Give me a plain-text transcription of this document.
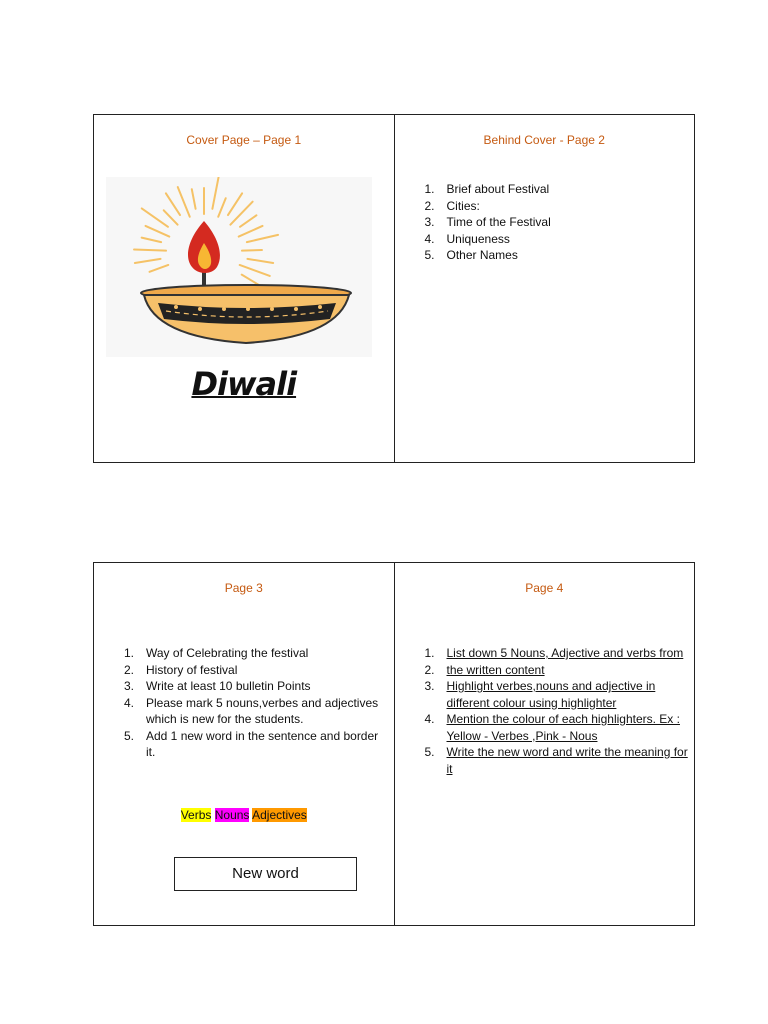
Cover Page – Page 1
Diwali
Behind Cover - Page 2
1. Brief about Festival
2. Cities:
3. Time of the Festival
4. Uniqueness
5. Other Names
Page 3
1. Way of Celebrating the festival
2. History of festival
3. Write at least 10 bulletin Points
4. Please mark 5 nouns,verbes and adjectives which is new for the students.
5. Add 1 new word in the sentence and border it.
Verbs Nouns Adjectives
New word
Page 4
1. List down 5 Nouns, Adjective and verbs from the written content
2.
3. Highlight verbes,nouns and adjective in different colour using highlighter
4. Mention the colour of each highlighters. Ex : Yellow - Verbes ,Pink - Nous
5. Write the new word and write the meaning for it
